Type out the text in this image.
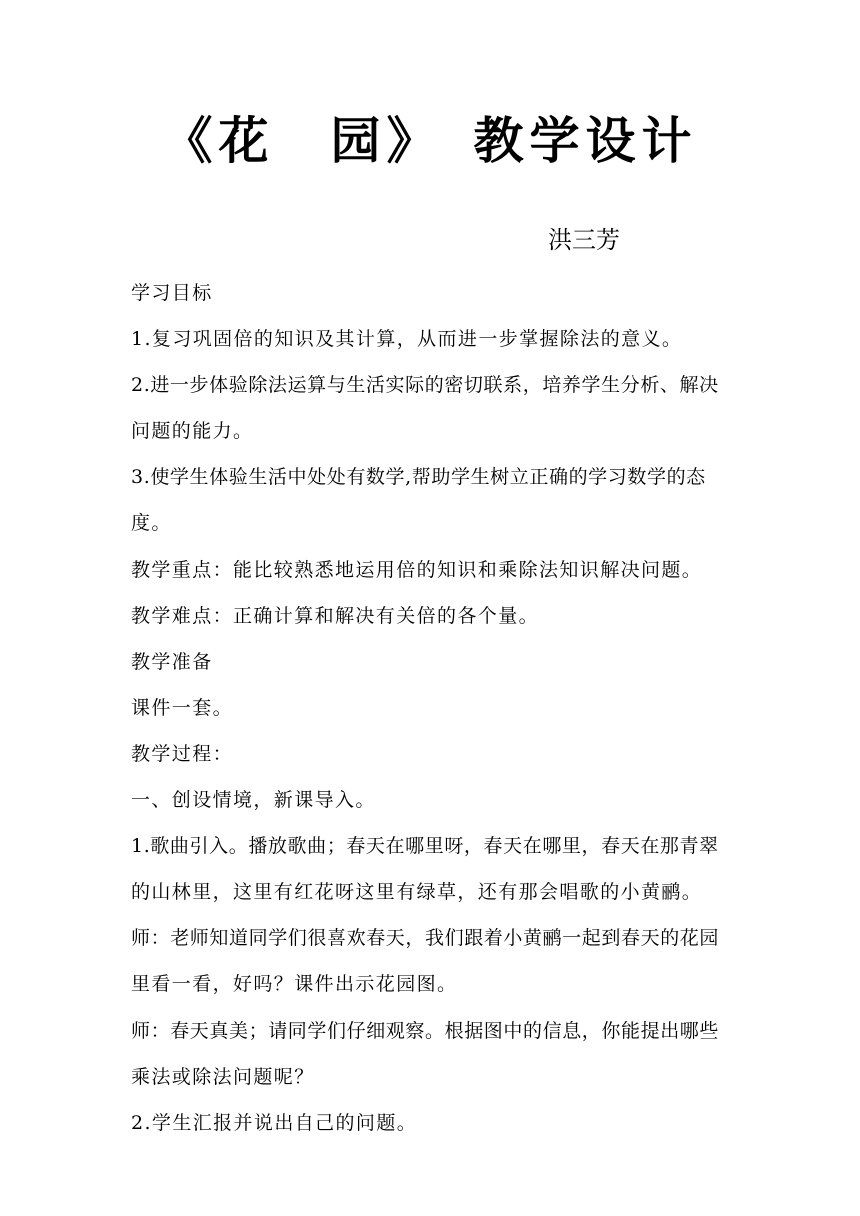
《花　园》　教学设计
洪三芳
学习目标
1.复习巩固倍的知识及其计算，从而进一步掌握除法的意义。
2.进一步体验除法运算与生活实际的密切联系，培养学生分析、解决
问题的能力。
3.使学生体验生活中处处有数学,帮助学生树立正确的学习数学的态
度。
教学重点：能比较熟悉地运用倍的知识和乘除法知识解决问题。
教学难点：正确计算和解决有关倍的各个量。
教学准备
课件一套。
教学过程：
一、创设情境，新课导入。
1.歌曲引入。播放歌曲；春天在哪里呀，春天在哪里，春天在那青翠
的山林里，这里有红花呀这里有绿草，还有那会唱歌的小黄鹂。
师：老师知道同学们很喜欢春天，我们跟着小黄鹂一起到春天的花园
里看一看，好吗？课件出示花园图。
师：春天真美；请同学们仔细观察。根据图中的信息，你能提出哪些
乘法或除法问题呢？
2.学生汇报并说出自己的问题。
